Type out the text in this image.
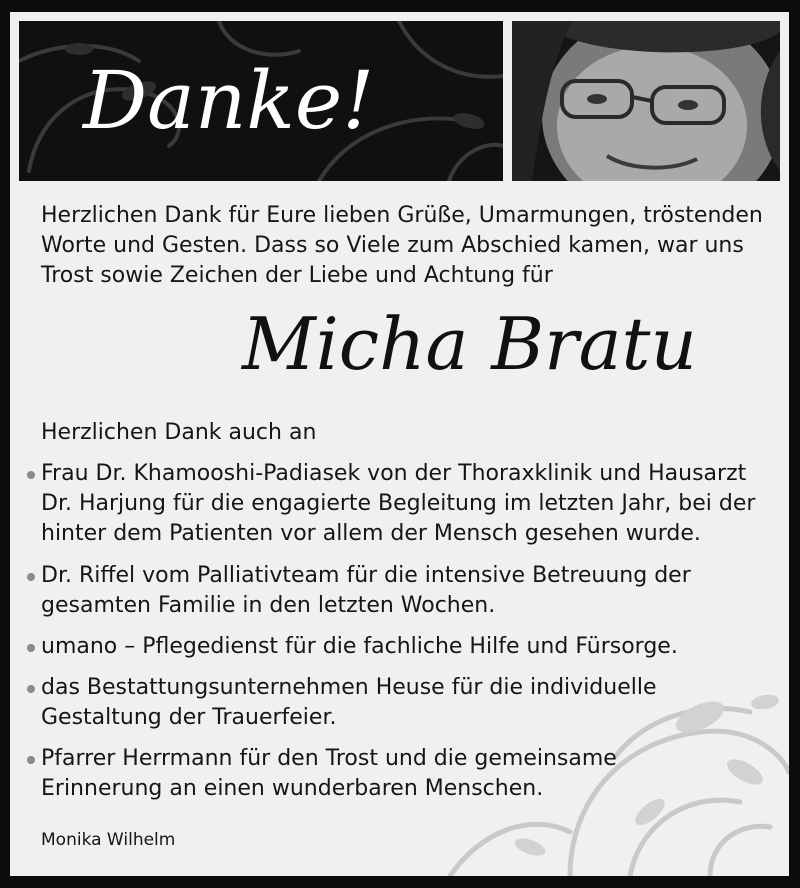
Danke!
Herzlichen Dank für Eure lieben Grüße, Umarmungen, tröstenden
Worte und Gesten. Dass so Viele zum Abschied kamen, war uns
Trost sowie Zeichen der Liebe und Achtung für
Micha Bratu
Herzlichen Dank auch an
Frau Dr. Khamooshi-Padiasek von der Thoraxklinik und Hausarzt
Dr. Harjung für die engagierte Begleitung im letzten Jahr, bei der
hinter dem Patienten vor allem der Mensch gesehen wurde.
Dr. Riffel vom Palliativteam für die intensive Betreuung der
gesamten Familie in den letzten Wochen.
umano – Pflegedienst für die fachliche Hilfe und Fürsorge.
das Bestattungsunternehmen Heuse für die individuelle
Gestaltung der Trauerfeier.
Pfarrer Herrmann für den Trost und die gemeinsame
Erinnerung an einen wunderbaren Menschen.
Monika Wilhelm
